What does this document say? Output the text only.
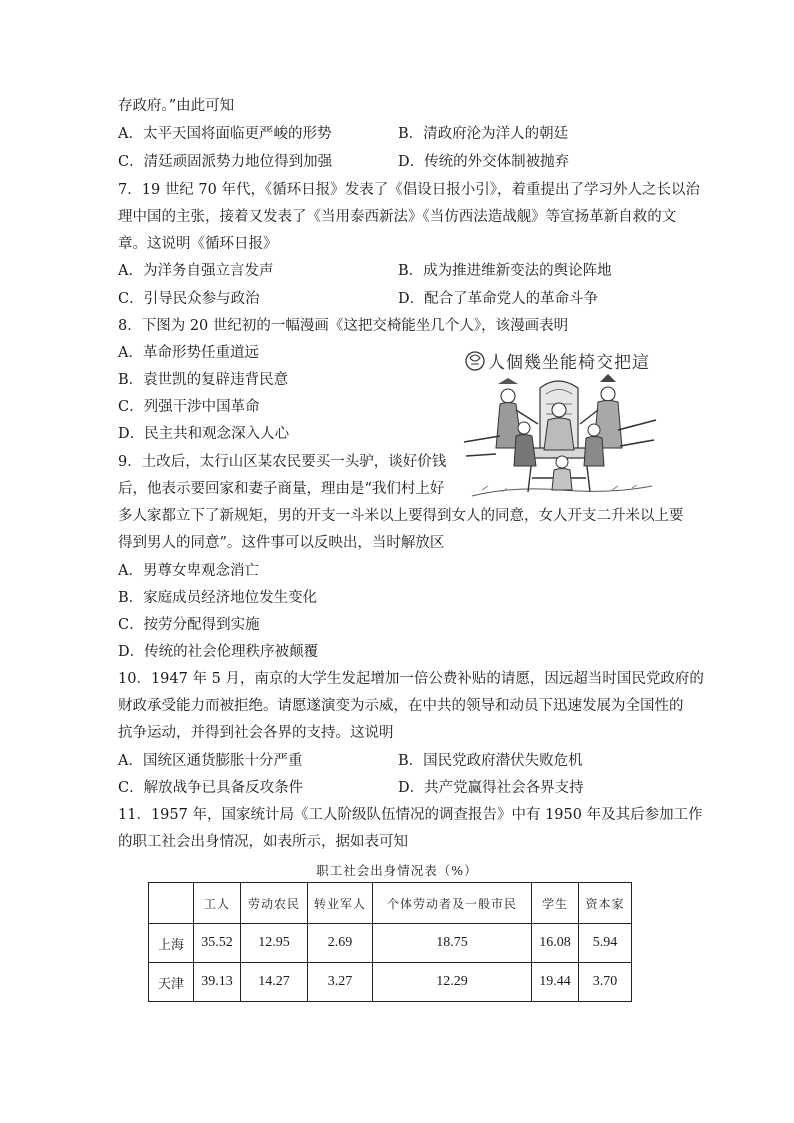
存政府。”由此可知
A．太平天国将面临更严峻的形势
C．清廷顽固派势力地位得到加强
7．19 世纪 70 年代，《循环日报》发表了《倡设日报小引》，着重提出了学习外人之长以治
理中国的主张，接着又发表了《当用泰西新法》《当仿西法造战舰》等宣扬革新自救的文
章。这说明《循环日报》
A．为洋务自强立言发声
C．引导民众参与政治
8．下图为 20 世纪初的一幅漫画《这把交椅能坐几个人》，该漫画表明
A．革命形势任重道远
B．袁世凯的复辟违背民意
C．列强干涉中国革命
D．民主共和观念深入人心
9．土改后，太行山区某农民要买一头驴，谈好价钱
后，他表示要回家和妻子商量，理由是“我们村上好
多人家都立下了新规矩，男的开支一斗米以上要得到女人的同意，女人开支二升米以上要
得到男人的同意”。这件事可以反映出，当时解放区
A．男尊女卑观念消亡
B．家庭成员经济地位发生变化
C．按劳分配得到实施
D．传统的社会伦理秩序被颠覆
10．1947 年 5 月，南京的大学生发起增加一倍公费补贴的请愿，因远超当时国民党政府的
财政承受能力而被拒绝。请愿遂演变为示威，在中共的领导和动员下迅速发展为全国性的
抗争运动，并得到社会各界的支持。这说明
A．国统区通货膨胀十分严重
C．解放战争已具备反攻条件
11．1957 年，国家统计局《工人阶级队伍情况的调查报告》中有 1950 年及其后参加工作
的职工社会出身情况，如表所示，据如表可知
B．清政府沦为洋人的朝廷
D．传统的外交体制被抛弃
B．成为推进维新变法的舆论阵地
D．配合了革命党人的革命斗争
B．国民党政府潜伏失败危机
D．共产党赢得社会各界支持
人個幾坐能椅交把這
职工社会出身情况表（%）
	工人	劳动农民	转业军人	个体劳动者及一般市民	学生	资本家
上海	35.52	12.95	2.69	18.75	16.08	5.94
天津	39.13	14.27	3.27	12.29	19.44	3.70
